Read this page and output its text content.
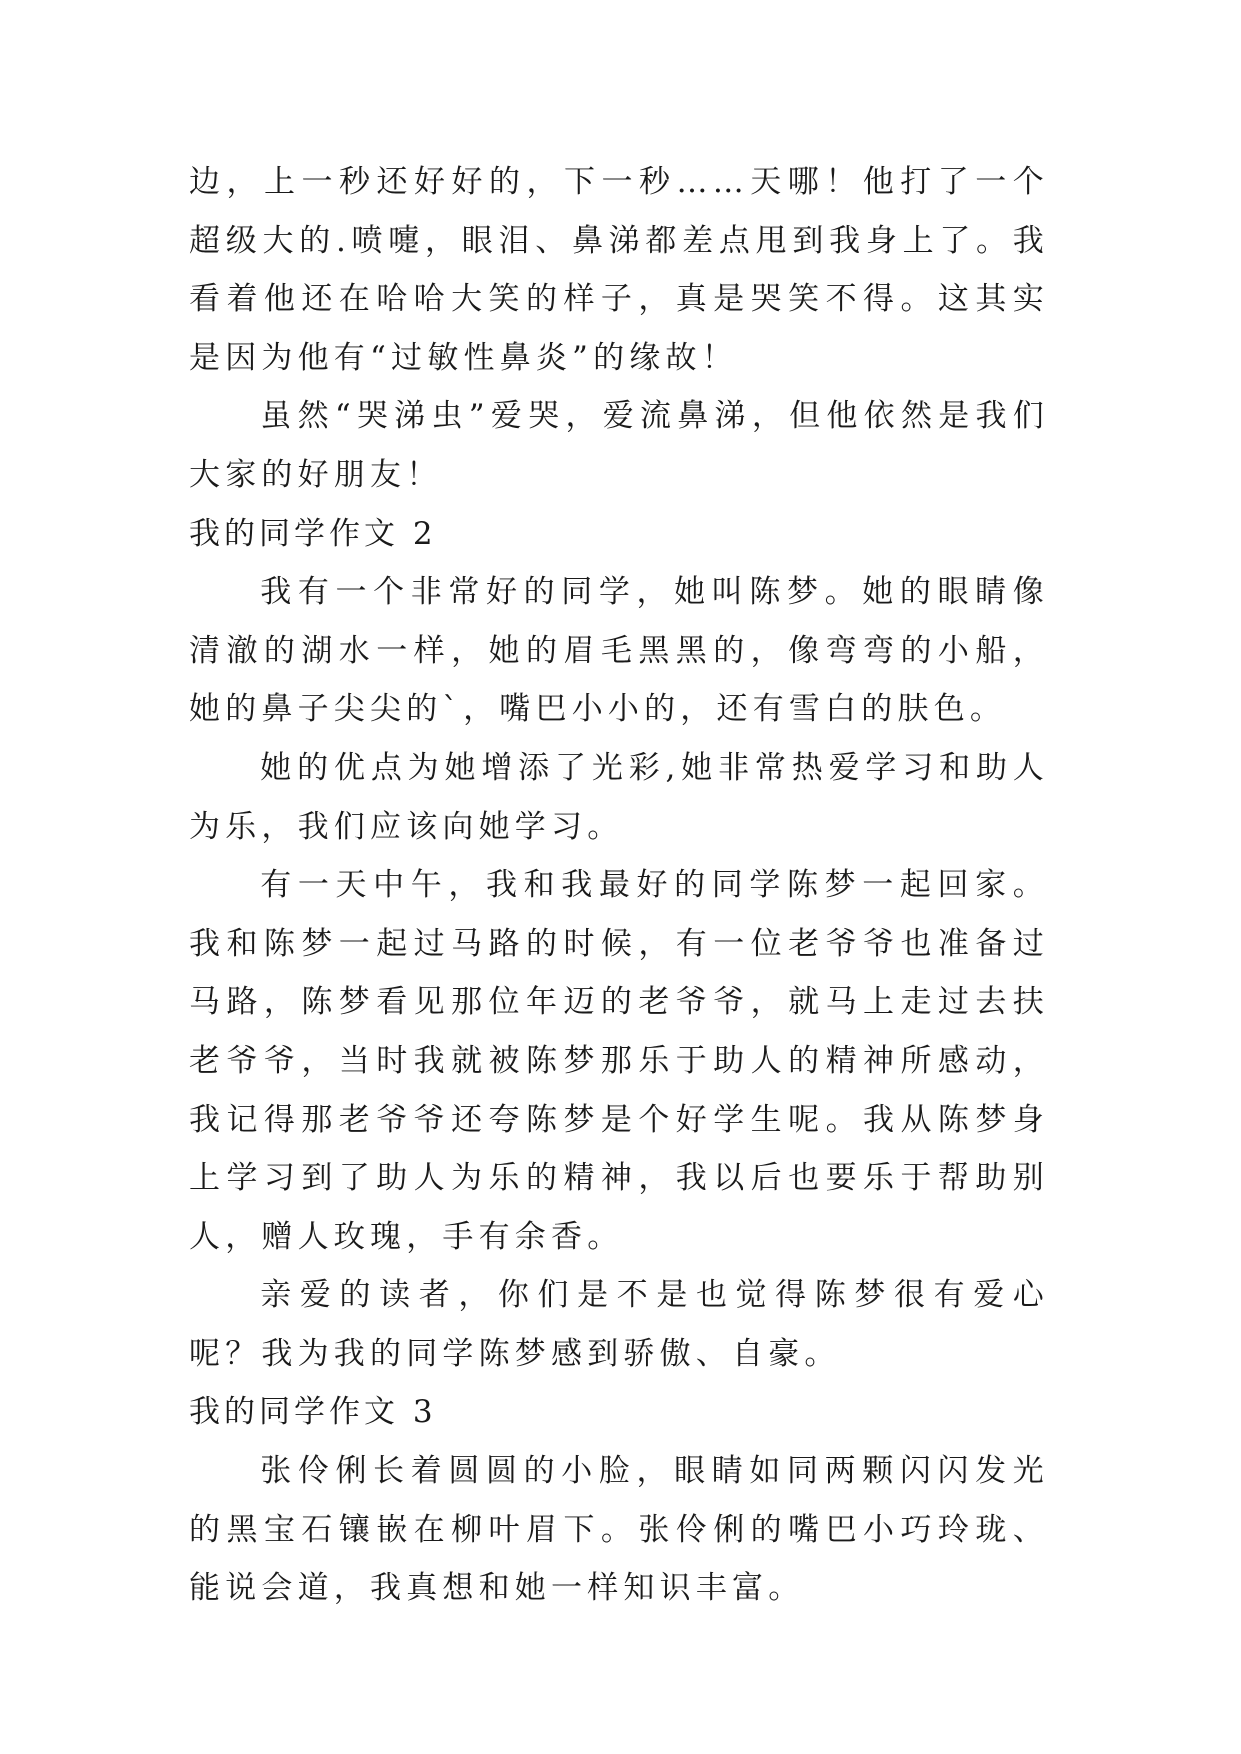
边，上一秒还好好的，下一秒……天哪！他打了一个超级大的.喷嚏，眼泪、鼻涕都差点甩到我身上了。我看着他还在哈哈大笑的样子，真是哭笑不得。这其实是因为他有“过敏性鼻炎”的缘故！

虽然“哭涕虫”爱哭，爱流鼻涕，但他依然是我们大家的好朋友！

我的同学作文 2

我有一个非常好的同学，她叫陈梦。她的眼睛像清澈的湖水一样，她的眉毛黑黑的，像弯弯的小船，她的鼻子尖尖的`，嘴巴小小的，还有雪白的肤色。

她的优点为她增添了光彩,她非常热爱学习和助人为乐，我们应该向她学习。

有一天中午，我和我最好的同学陈梦一起回家。我和陈梦一起过马路的时候，有一位老爷爷也准备过马路，陈梦看见那位年迈的老爷爷，就马上走过去扶老爷爷，当时我就被陈梦那乐于助人的精神所感动，我记得那老爷爷还夸陈梦是个好学生呢。我从陈梦身上学习到了助人为乐的精神，我以后也要乐于帮助别人，赠人玫瑰，手有余香。

亲爱的读者，你们是不是也觉得陈梦很有爱心呢？我为我的同学陈梦感到骄傲、自豪。

我的同学作文 3

张伶俐长着圆圆的小脸，眼睛如同两颗闪闪发光的黑宝石镶嵌在柳叶眉下。张伶俐的嘴巴小巧玲珑、能说会道，我真想和她一样知识丰富。
